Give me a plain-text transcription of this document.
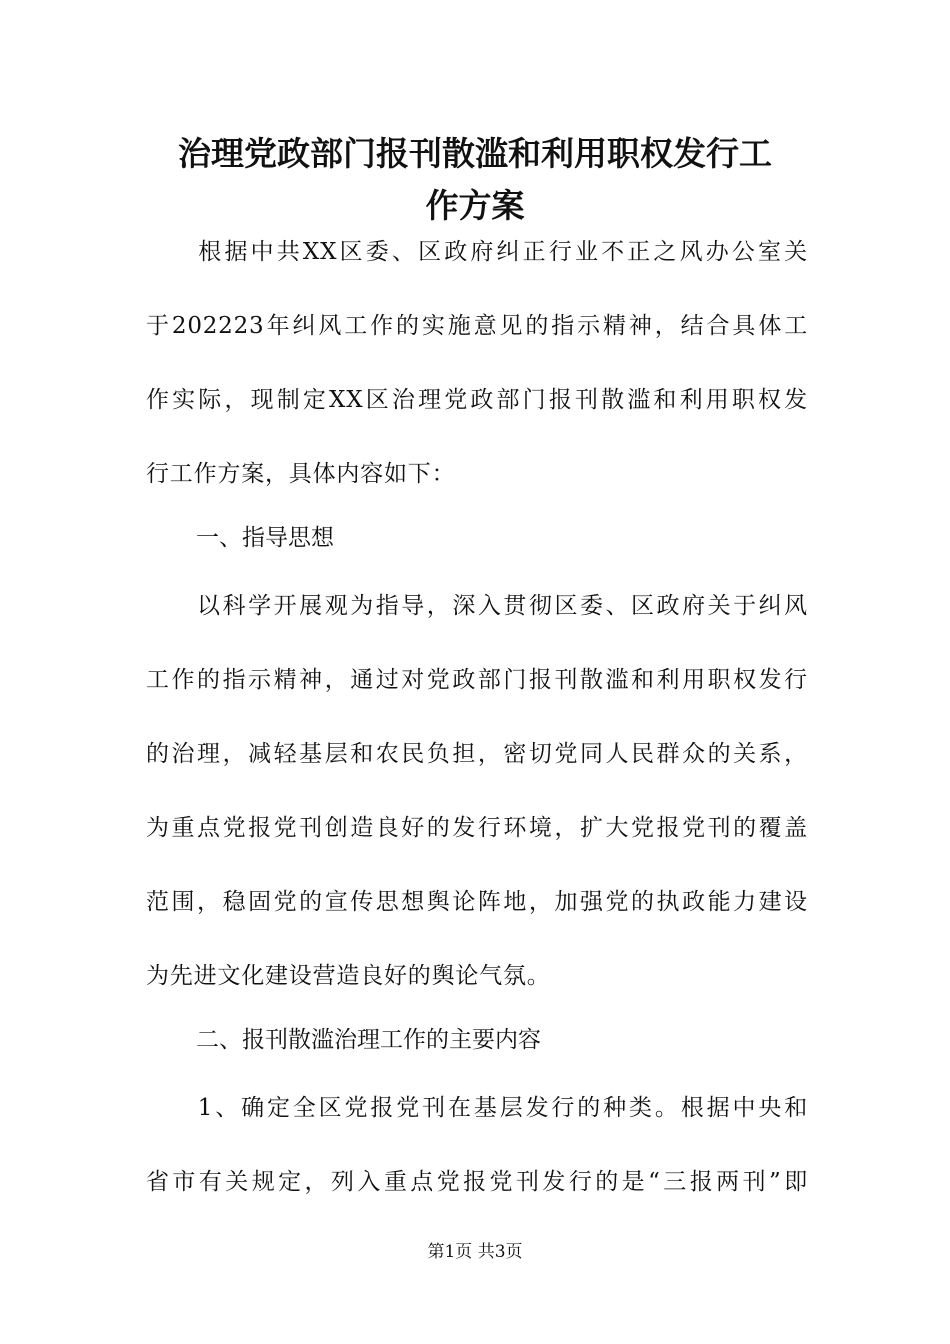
治理党政部门报刊散滥和利用职权发行工
作方案
　　根据中共XX区委、区政府纠正行业不正之风办公室关
于202223年纠风工作的实施意见的指示精神，结合具体工
作实际，现制定XX区治理党政部门报刊散滥和利用职权发
行工作方案，具体内容如下：
一、指导思想
　　以科学开展观为指导，深入贯彻区委、区政府关于纠风
工作的指示精神，通过对党政部门报刊散滥和利用职权发行
的治理，减轻基层和农民负担，密切党同人民群众的关系，
为重点党报党刊创造良好的发行环境，扩大党报党刊的覆盖
范围，稳固党的宣传思想舆论阵地，加强党的执政能力建设
为先进文化建设营造良好的舆论气氛。
二、报刊散滥治理工作的主要内容
　　1、确定全区党报党刊在基层发行的种类。根据中央和
省市有关规定，列入重点党报党刊发行的是“三报两刊”即
第1页 共3页
